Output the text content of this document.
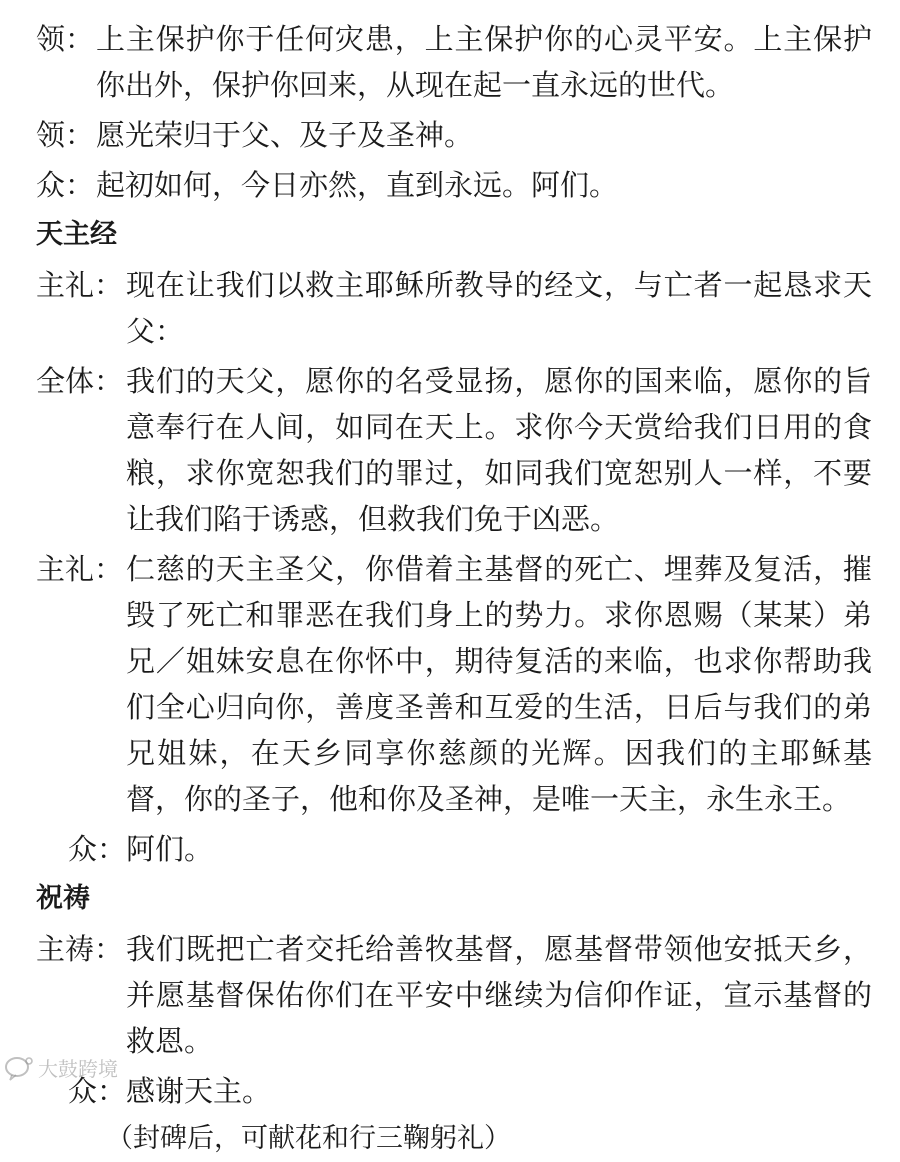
领： 上主保护你于任何灾患，上主保护你的心灵平安。上主保护你出外，保护你回来，从现在起一直永远的世代。
领： 愿光荣归于父、及子及圣神。
众： 起初如何，今日亦然，直到永远。阿们。
天主经
主礼： 现在让我们以救主耶稣所教导的经文，与亡者一起恳求天父：
全体： 我们的天父，愿你的名受显扬，愿你的国来临，愿你的旨意奉行在人间，如同在天上。求你今天赏给我们日用的食粮，求你宽恕我们的罪过，如同我们宽恕别人一样，不要让我们陷于诱惑，但救我们免于凶恶。
主礼： 仁慈的天主圣父，你借着主基督的死亡、埋葬及复活，摧毁了死亡和罪恶在我们身上的势力。求你恩赐（某某）弟兄／姐妹安息在你怀中，期待复活的来临，也求你帮助我们全心归向你，善度圣善和互爱的生活，日后与我们的弟兄姐妹，在天乡同享你慈颜的光辉。因我们的主耶稣基督，你的圣子，他和你及圣神，是唯一天主，永生永王。
众： 阿们。
祝祷
主祷： 我们既把亡者交托给善牧基督，愿基督带领他安抵天乡，并愿基督保佑你们在平安中继续为信仰作证，宣示基督的救恩。
众： 感谢天主。
（封碑后，可献花和行三鞠躬礼）
大鼓跨境
